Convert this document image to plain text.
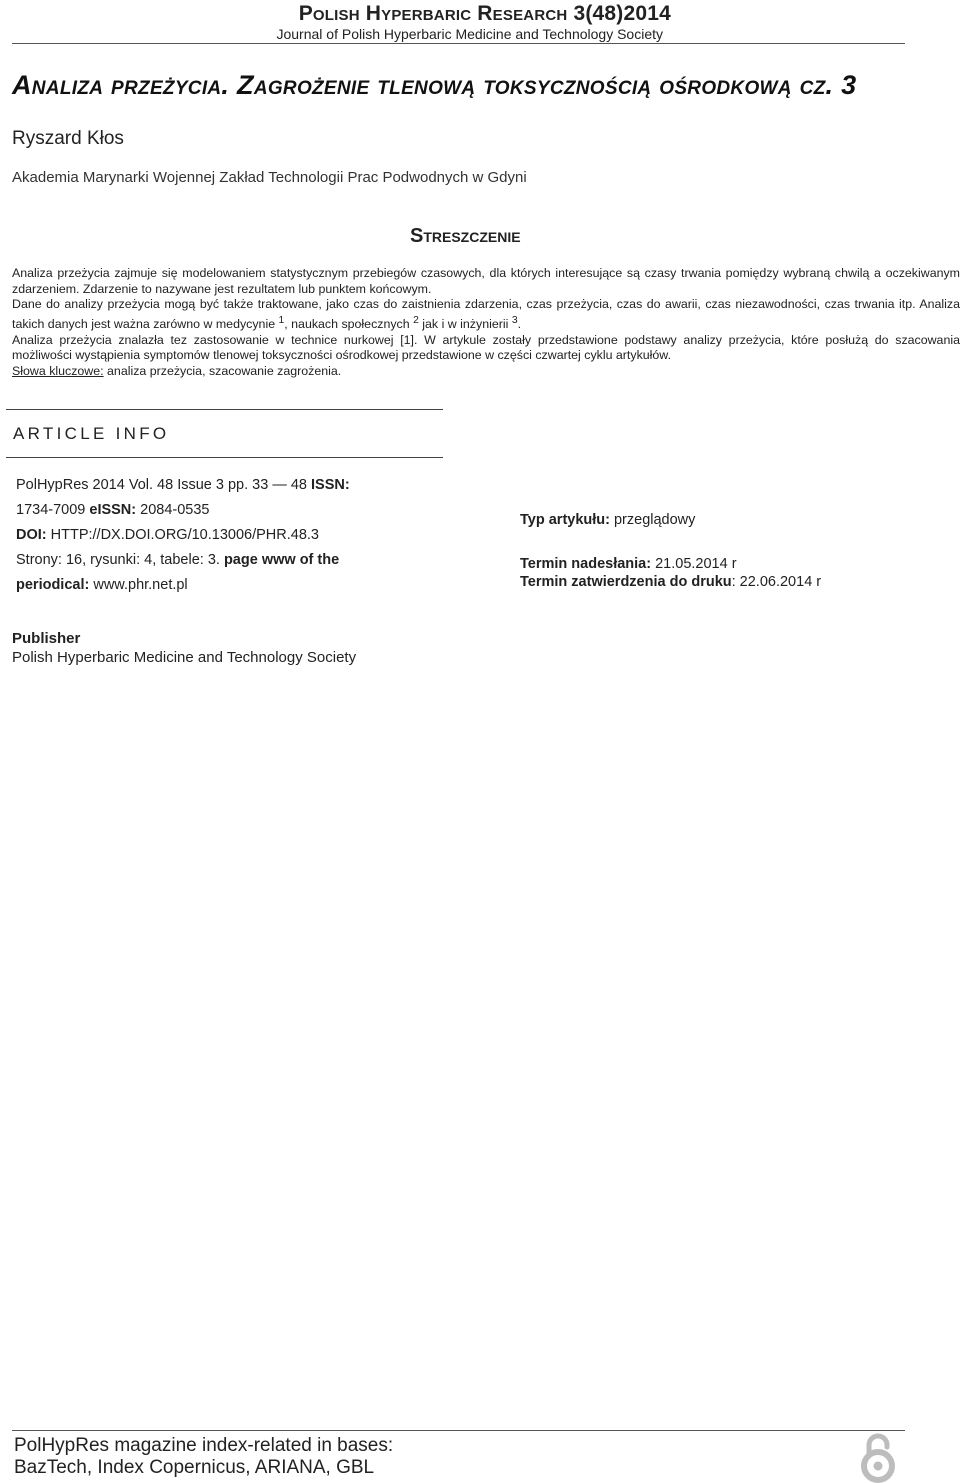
Polish Hyperbaric Research 3(48)2014
Journal of Polish Hyperbaric Medicine and Technology Society
Analiza przeżycia. Zagrożenie tlenową toksycznością ośrodkową cz. 3
Ryszard Kłos
Akademia Marynarki Wojennej Zakład Technologii Prac Podwodnych w Gdyni
Streszczenie

Analiza przeżycia zajmuje się modelowaniem statystycznym przebiegów czasowych, dla których interesujące są czasy trwania pomiędzy wybraną chwilą a oczekiwanym zdarzeniem. Zdarzenie to nazywane jest rezultatem lub punktem końcowym.

Dane do analizy przeżycia mogą być także traktowane, jako czas do zaistnienia zdarzenia, czas przeżycia, czas do awarii, czas niezawodności, czas trwania itp. Analiza takich danych jest ważna zarówno w medycynie $^1$, naukach społecznych $^2$ jak i w inżynierii $^3$.

Analiza przeżycia znalazła tez zastosowanie w technice nurkowej [1]. W artykule zostały przedstawione podstawy analizy przeżycia, które posłużą do szacowania możliwości wystąpienia symptomów tlenowej toksyczności ośrodkowej przedstawione w części czwartej cyklu artykułów.

Słowa kluczowe: analiza przeżycia, szacowanie zagrożenia.

ARTICLE INFO
PolHypRes 2014 Vol. 48 Issue 3 pp. 33 — 48 ISSN:
1734-7009 eISSN: 2084-0535
DOI: HTTP://DX.DOI.ORG/10.13006/PHR.48.3
Strony: 16, rysunki: 4, tabele: 3. page www of the
periodical: www.phr.net.pl
Typ artykułu: przeglądowy
Termin nadesłania: 21.05.2014 r
Termin zatwierdzenia do druku: 22.06.2014 r
Publisher
Polish Hyperbaric Medicine and Technology Society
PolHypRes magazine index-related in bases:
BazTech, Index Copernicus, ARIANA, GBL
